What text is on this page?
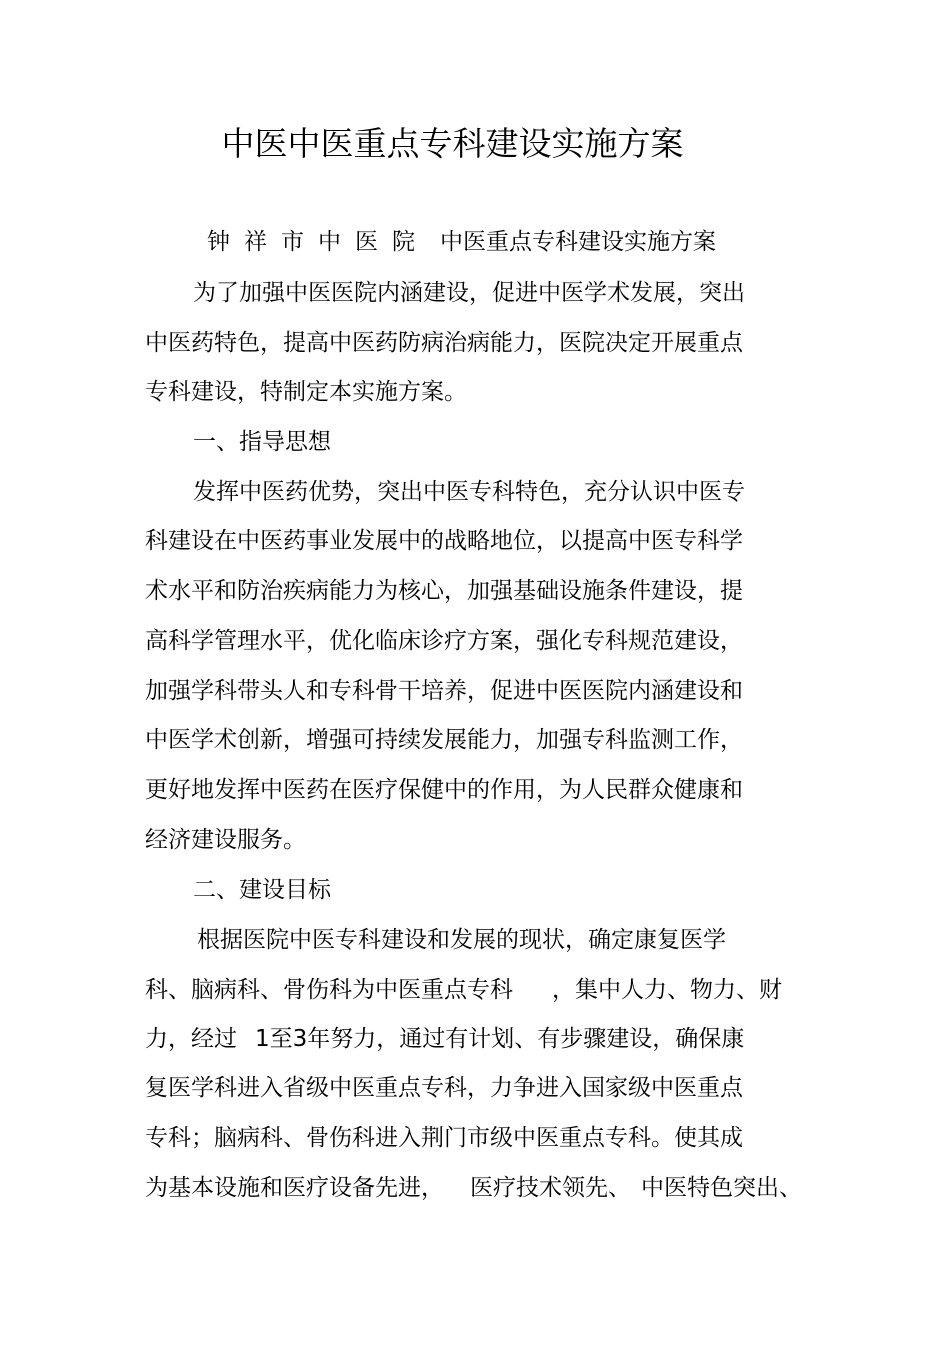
中医中医重点专科建设实施方案
钟祥市中医院 中医重点专科建设实施方案
为了加强中医医院内涵建设，促进中医学术发展，突出
中医药特色，提高中医药防病治病能力，医院决定开展重点
专科建设，特制定本实施方案。
一、指导思想
发挥中医药优势，突出中医专科特色，充分认识中医专
科建设在中医药事业发展中的战略地位，以提高中医专科学
术水平和防治疾病能力为核心，加强基础设施条件建设，提
高科学管理水平，优化临床诊疗方案，强化专科规范建设，
加强学科带头人和专科骨干培养，促进中医医院内涵建设和
中医学术创新，增强可持续发展能力，加强专科监测工作，
更好地发挥中医药在医疗保健中的作用，为人民群众健康和
经济建设服务。
二、建设目标
根据医院中医专科建设和发展的现状，确定康复医学
科、脑病科、骨伤科为中医重点专科 ，集中人力、物力、财
力，经过 1至3年努力，通过有计划、有步骤建设，确保康
复医学科进入省级中医重点专科，力争进入国家级中医重点
专科；脑病科、骨伤科进入荆门市级中医重点专科。使其成
为基本设施和医疗设备先进， 医疗技术领先、 中医特色突出、
